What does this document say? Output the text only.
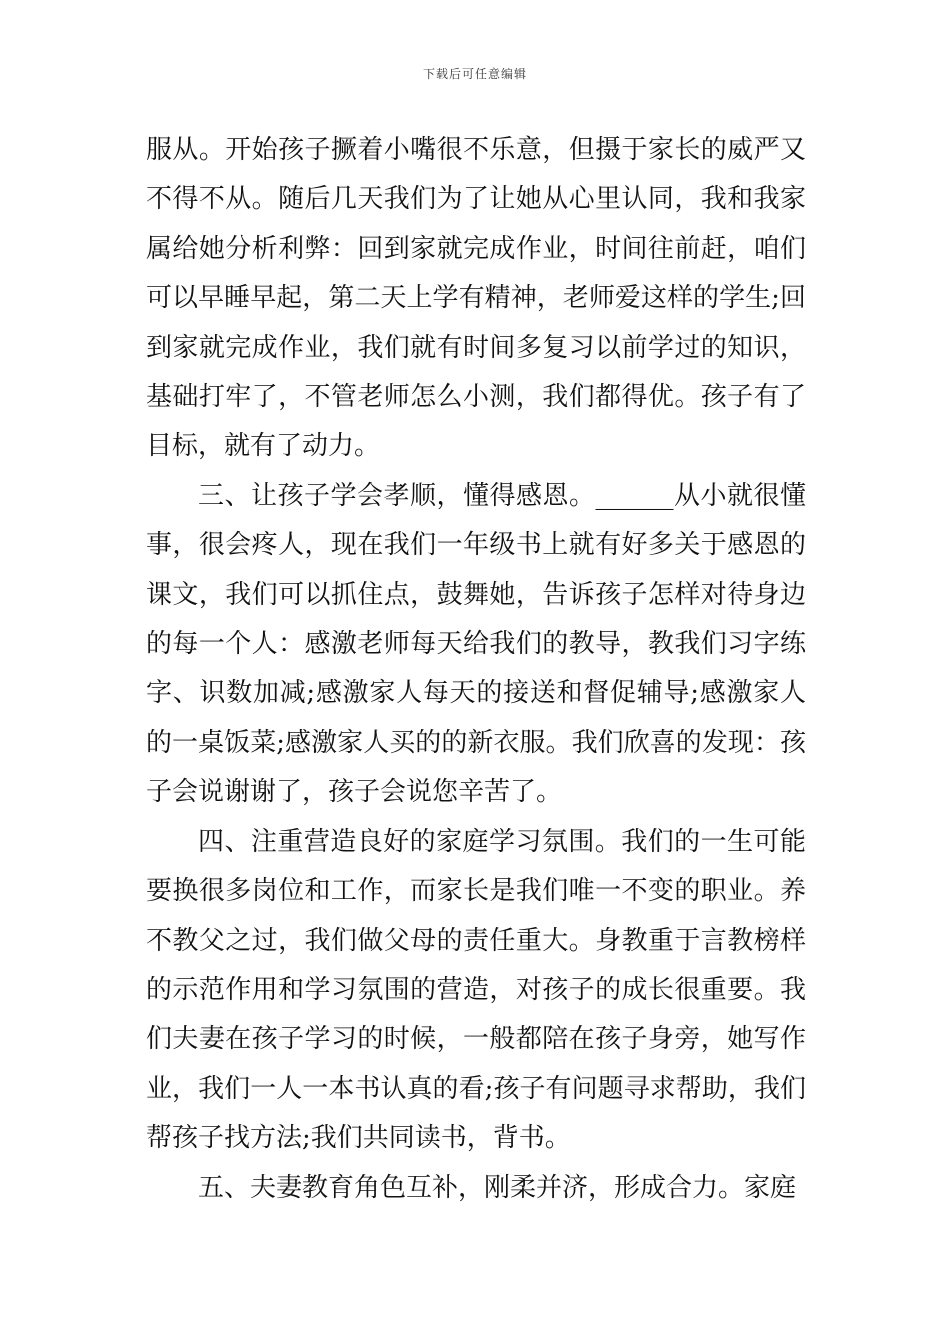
下载后可任意编辑

服从。开始孩子撅着小嘴很不乐意，但摄于家长的威严又不得不从。随后几天我们为了让她从心里认同，我和我家属给她分析利弊：回到家就完成作业，时间往前赶，咱们可以早睡早起，第二天上学有精神，老师爱这样的学生;回到家就完成作业，我们就有时间多复习以前学过的知识，基础打牢了，不管老师怎么小测，我们都得优。孩子有了目标，就有了动力。

三、让孩子学会孝顺，懂得感恩。______从小就很懂事，很会疼人，现在我们一年级书上就有好多关于感恩的课文，我们可以抓住点，鼓舞她，告诉孩子怎样对待身边的每一个人：感激老师每天给我们的教导，教我们习字练字、识数加减;感激家人每天的接送和督促辅导;感激家人的一桌饭菜;感激家人买的的新衣服。我们欣喜的发现：孩子会说谢谢了，孩子会说您辛苦了。

四、注重营造良好的家庭学习氛围。我们的一生可能要换很多岗位和工作，而家长是我们唯一不变的职业。养不教父之过，我们做父母的责任重大。身教重于言教榜样的示范作用和学习氛围的营造，对孩子的成长很重要。我们夫妻在孩子学习的时候，一般都陪在孩子身旁，她写作业，我们一人一本书认真的看;孩子有问题寻求帮助，我们帮孩子找方法;我们共同读书，背书。

五、夫妻教育角色互补，刚柔并济，形成合力。家庭
